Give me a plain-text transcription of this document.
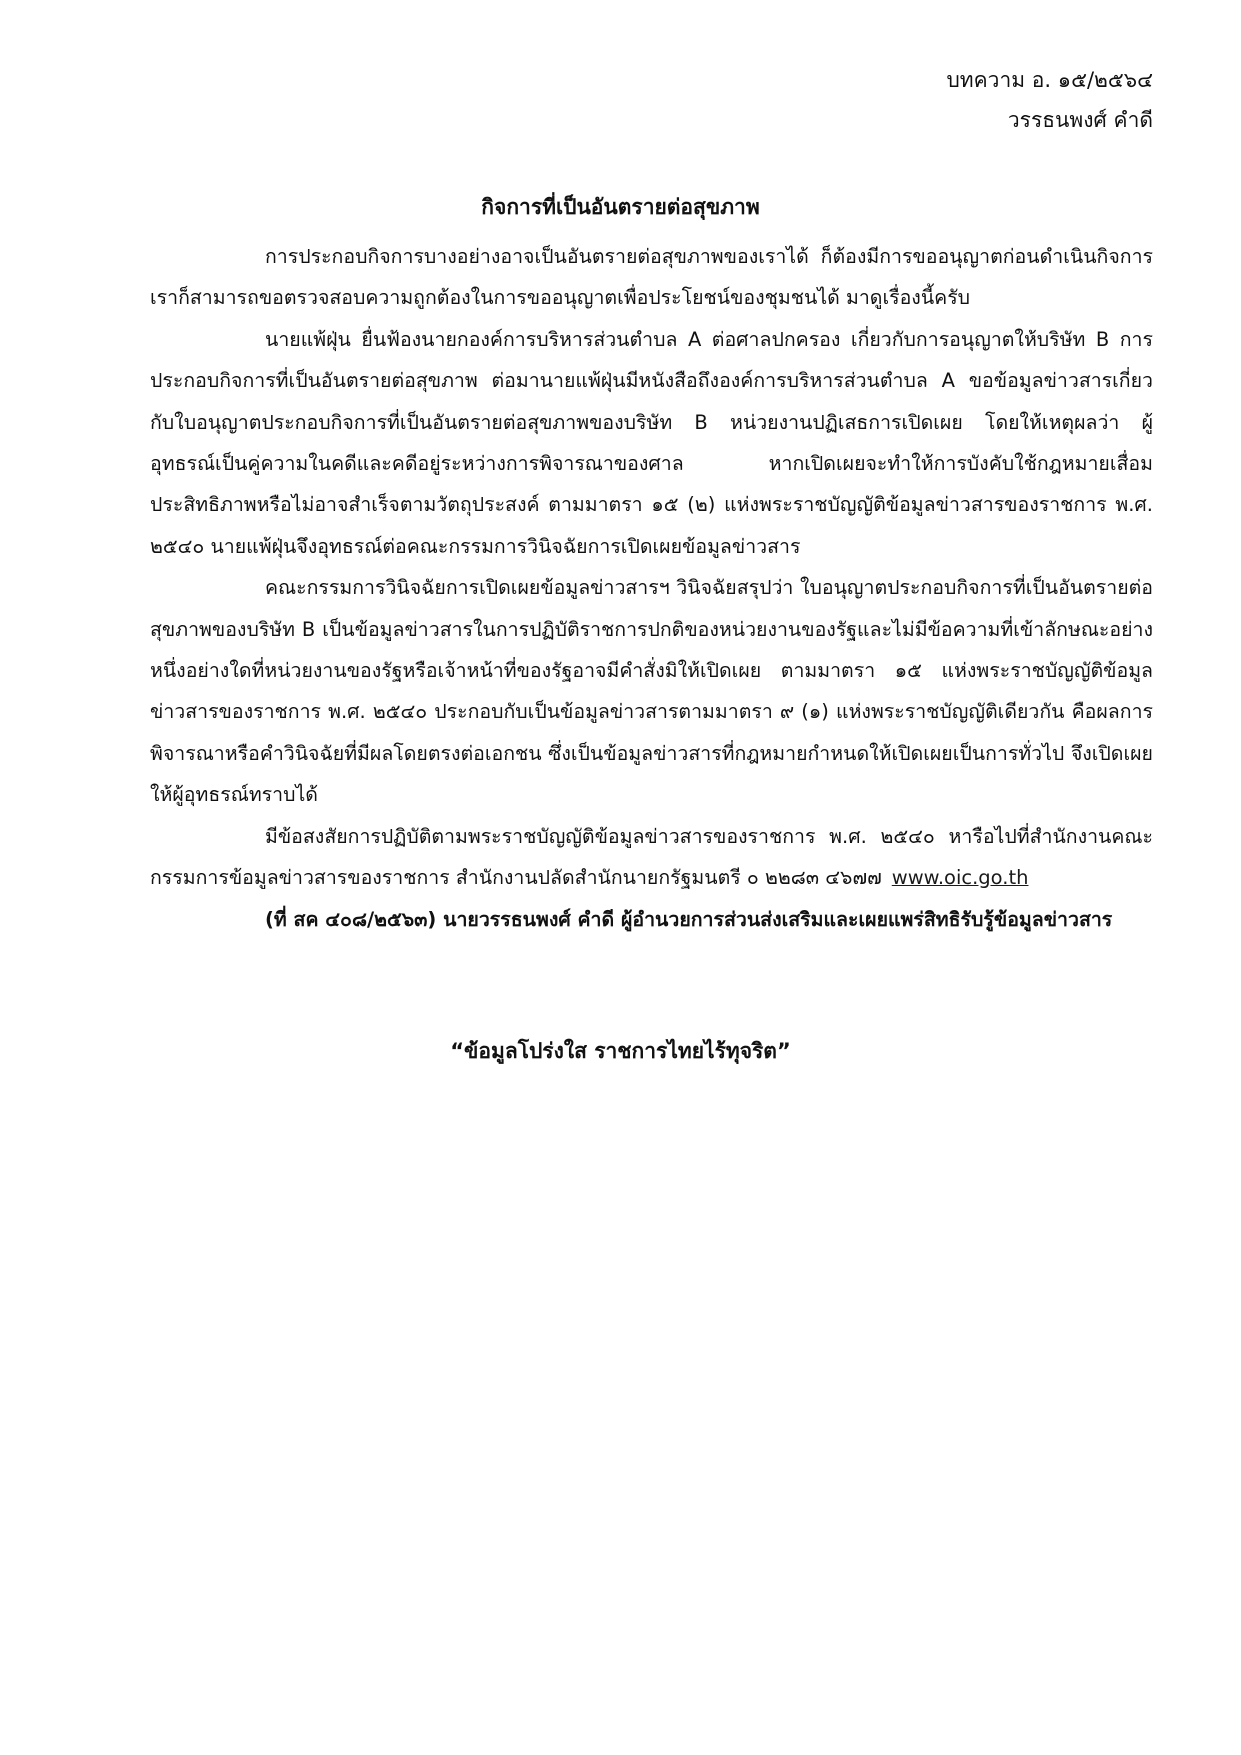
บทความ อ. ๑๕/๒๕๖๔
วรรธนพงศ์ คำดี
กิจการที่เป็นอันตรายต่อสุขภาพ

การประกอบกิจการบางอย่างอาจเป็นอันตรายต่อสุขภาพของเราได้ ก็ต้องมีการขออนุญาตก่อนดำเนินกิจการ เราก็สามารถขอตรวจสอบความถูกต้องในการขออนุญาตเพื่อประโยชน์ของชุมชนได้ มาดูเรื่องนี้ครับ

นายแพ้ฝุ่น ยื่นฟ้องนายกองค์การบริหารส่วนตำบล A ต่อศาลปกครอง เกี่ยวกับการอนุญาตให้บริษัท B การประกอบกิจการที่เป็นอันตรายต่อสุขภาพ ต่อมานายแพ้ฝุ่นมีหนังสือถึงองค์การบริหารส่วนตำบล A ขอข้อมูลข่าวสารเกี่ยวกับใบอนุญาตประกอบกิจการที่เป็นอันตรายต่อสุขภาพของบริษัท B หน่วยงานปฏิเสธการเปิดเผย โดยให้เหตุผลว่า ผู้อุทธรณ์เป็นคู่ความในคดีและคดีอยู่ระหว่างการพิจารณาของศาล หากเปิดเผยจะทำให้การบังคับใช้กฎหมายเสื่อมประสิทธิภาพหรือไม่อาจสำเร็จตามวัตถุประสงค์ ตามมาตรา ๑๕ (๒) แห่งพระราชบัญญัติข้อมูลข่าวสารของราชการ พ.ศ. ๒๕๔๐ นายแพ้ฝุ่นจึงอุทธรณ์ต่อคณะกรรมการวินิจฉัยการเปิดเผยข้อมูลข่าวสาร

คณะกรรมการวินิจฉัยการเปิดเผยข้อมูลข่าวสารฯ วินิจฉัยสรุปว่า ใบอนุญาตประกอบกิจการที่เป็นอันตรายต่อสุขภาพของบริษัท B เป็นข้อมูลข่าวสารในการปฏิบัติราชการปกติของหน่วยงานของรัฐและไม่มีข้อความที่เข้าลักษณะอย่างหนึ่งอย่างใดที่หน่วยงานของรัฐหรือเจ้าหน้าที่ของรัฐอาจมีคำสั่งมิให้เปิดเผย ตามมาตรา ๑๕ แห่งพระราชบัญญัติข้อมูลข่าวสารของราชการ พ.ศ. ๒๕๔๐ ประกอบกับเป็นข้อมูลข่าวสารตามมาตรา ๙ (๑) แห่งพระราชบัญญัติเดียวกัน คือผลการพิจารณาหรือคำวินิจฉัยที่มีผลโดยตรงต่อเอกชน ซึ่งเป็นข้อมูลข่าวสารที่กฎหมายกำหนดให้เปิดเผยเป็นการทั่วไป จึงเปิดเผยให้ผู้อุทธรณ์ทราบได้

มีข้อสงสัยการปฏิบัติตามพระราชบัญญัติข้อมูลข่าวสารของราชการ พ.ศ. ๒๕๔๐ หารือไปที่สำนักงานคณะกรรมการข้อมูลข่าวสารของราชการ สำนักงานปลัดสำนักนายกรัฐมนตรี ๐ ๒๒๘๓ ๔๖๗๗ www.oic.go.th

(ที่ สค ๔๐๘/๒๕๖๓) นายวรรธนพงศ์ คำดี ผู้อำนวยการส่วนส่งเสริมและเผยแพร่สิทธิรับรู้ข้อมูลข่าวสาร

“ข้อมูลโปร่งใส ราชการไทยไร้ทุจริต”
